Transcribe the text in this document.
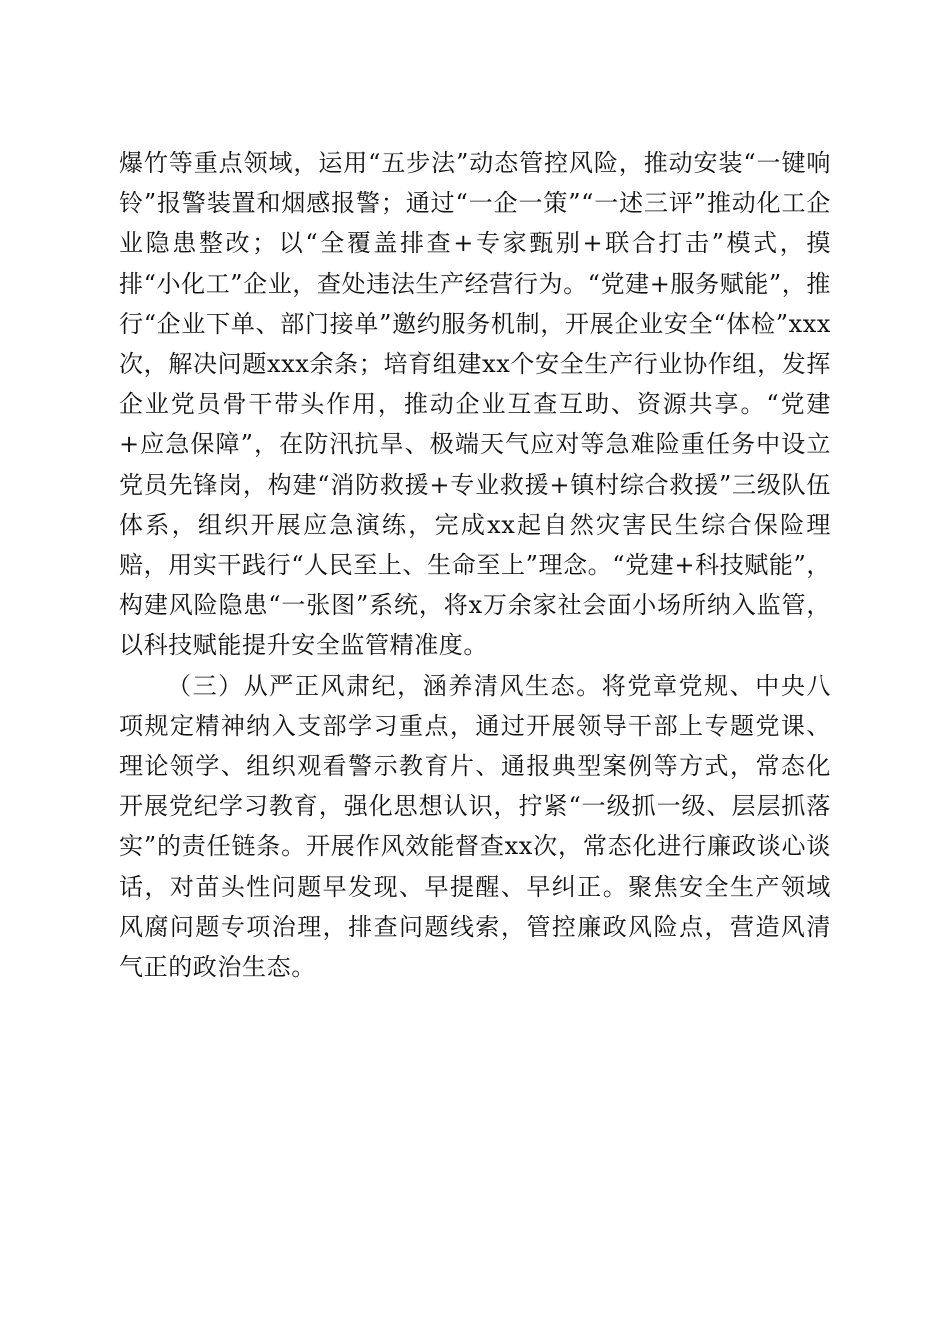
爆竹等重点领域，运用“五步法”动态管控风险，推动安装“一键响铃”报警装置和烟感报警；通过“一企一策”“一述三评”推动化工企业隐患整改；以“全覆盖排查+专家甄别+联合打击”模式，摸排“小化工”企业，查处违法生产经营行为。“党建+服务赋能”，推行“企业下单、部门接单”邀约服务机制，开展企业安全“体检”xxx次，解决问题xxx余条；培育组建xx个安全生产行业协作组，发挥企业党员骨干带头作用，推动企业互查互助、资源共享。“党建+应急保障”，在防汛抗旱、极端天气应对等急难险重任务中设立党员先锋岗，构建“消防救援+专业救援+镇村综合救援”三级队伍体系，组织开展应急演练，完成xx起自然灾害民生综合保险理赔，用实干践行“人民至上、生命至上”理念。“党建+科技赋能”，构建风险隐患“一张图”系统，将x万余家社会面小场所纳入监管，以科技赋能提升安全监管精准度。

（三）从严正风肃纪，涵养清风生态。将党章党规、中央八项规定精神纳入支部学习重点，通过开展领导干部上专题党课、理论领学、组织观看警示教育片、通报典型案例等方式，常态化开展党纪学习教育，强化思想认识，拧紧“一级抓一级、层层抓落实”的责任链条。开展作风效能督查xx次，常态化进行廉政谈心谈话，对苗头性问题早发现、早提醒、早纠正。聚焦安全生产领域风腐问题专项治理，排查问题线索，管控廉政风险点，营造风清气正的政治生态。
